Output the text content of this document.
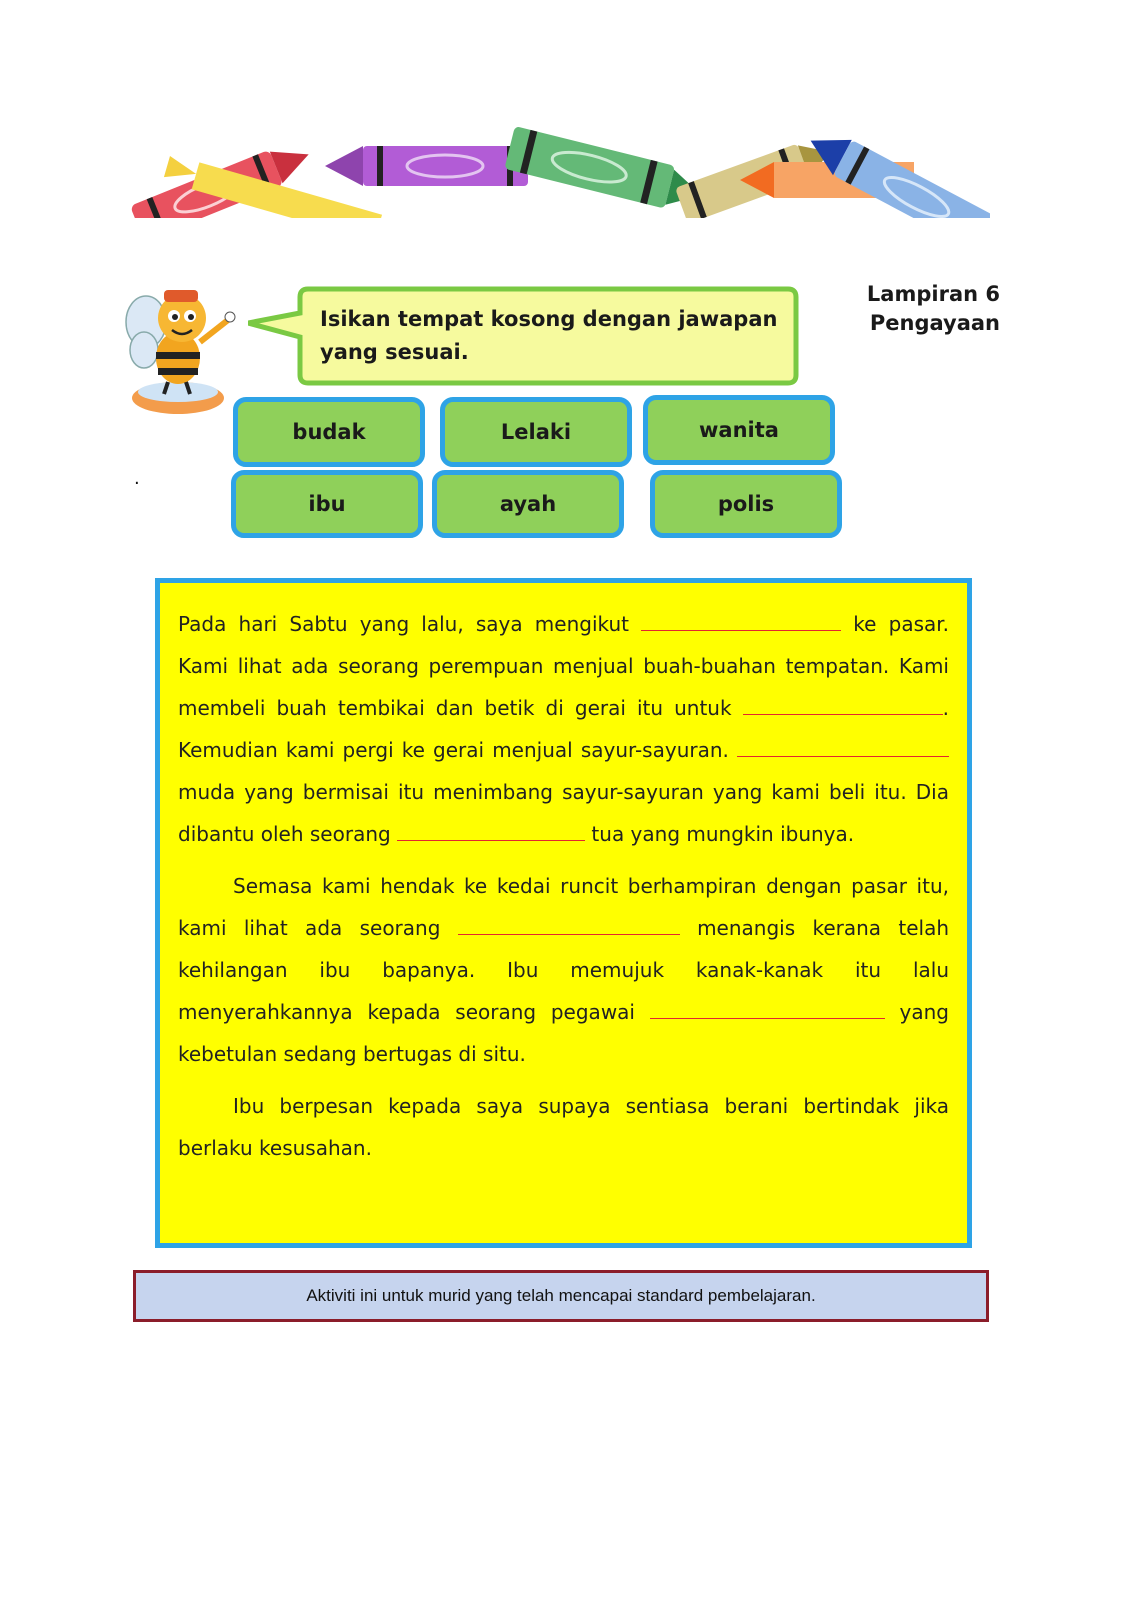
Isikan tempat kosong dengan jawapan yang sesuai.
Lampiran 6
Pengayaan
budak	Lelaki	wanita
ibu	ayah	polis
.

Pada hari Sabtu yang lalu, saya mengikut	ke pasar. Kami lihat ada seorang perempuan menjual buah-buahan tempatan. Kami membeli buah tembikai dan betik di gerai itu untuk	. Kemudian kami pergi ke gerai menjual sayur-sayuran.  muda yang bermisai itu menimbang sayur-sayuran yang kami beli itu. Dia dibantu oleh seorang	tua yang mungkin ibunya.

Semasa kami hendak ke kedai runcit berhampiran dengan pasar itu, kami lihat ada seorang	menangis kerana telah kehilangan ibu bapanya. Ibu memujuk kanak-kanak itu lalu menyerahkannya kepada seorang pegawai	yang kebetulan sedang bertugas di situ.

Ibu berpesan kepada saya supaya sentiasa berani bertindak jika berlaku kesusahan.

Aktiviti ini untuk murid yang telah mencapai standard pembelajaran.
